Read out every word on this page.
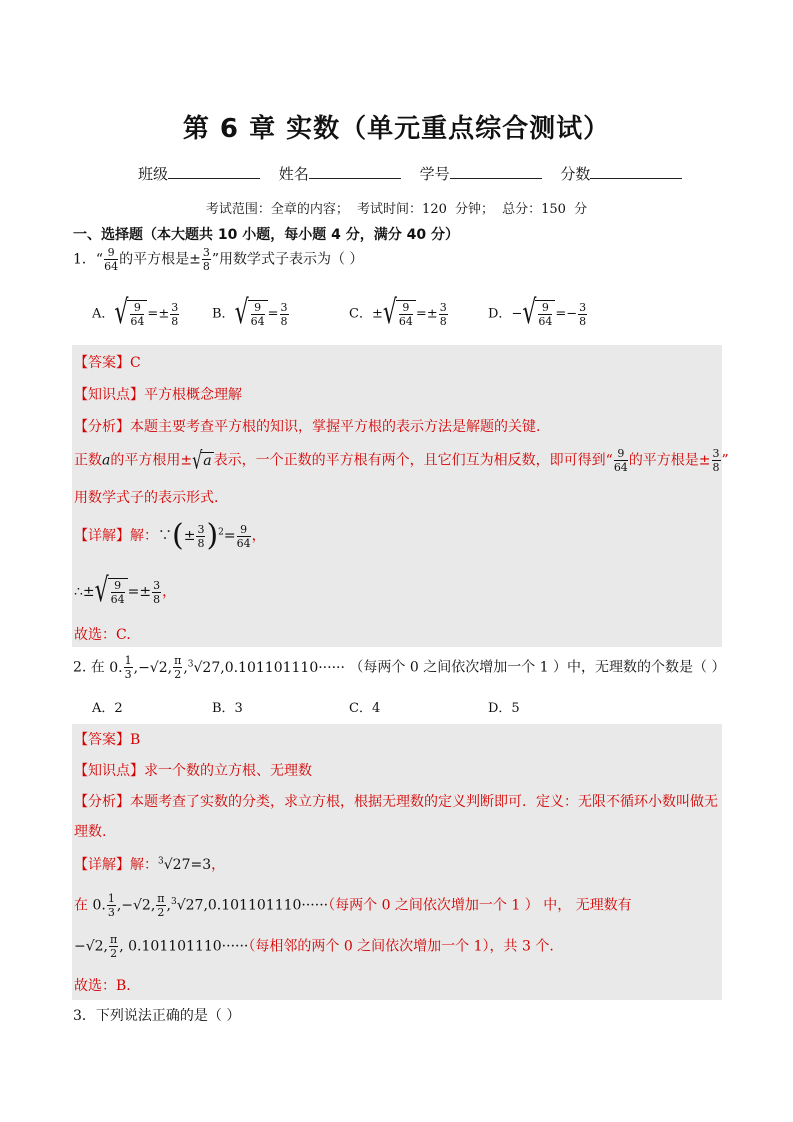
第 6 章 实数（单元重点综合测试）
班级	姓名	学号	分数
考试范围：全章的内容； 考试时间：120 分钟； 总分：150 分
一、选择题（本大题共 10 小题，每小题 4 分，满分 40 分）
1．“ $\frac{9}{64}$ 的平方根是± $\frac{3}{8}$ ”用数学式子表示为（ ）
A． √ $\frac{9}{64} =\pm \frac{3}{8}$	B． √ $\frac{9}{64} = \frac{3}{8}$	C．± √ $\frac{9}{64} =\pm \frac{3}{8}$	D．− √ $\frac{9}{64} =- \frac{3}{8}$
【答案】C
【知识点】平方根概念理解
【分析】本题主要考查平方根的知识，掌握平方根的表示方法是解题的关键.
正数a的平方根用± √ a 表示，一个正数的平方根有两个，且它们互为相反数，即可得到“ $\frac{9}{64}$ 的平方根是± $\frac{3}{8}$ ”
用数学式子的表示形式.
【详解】解：∵(± $\frac{3}{8} )^2= \frac{9}{64}$ ，
∴± √ $\frac{9}{64} =\pm \frac{3}{8}$ ，
故选：C.
2. 在 0. $\frac{1}{3} ,-√2$, $\frac{\pi}{2} ,^3√27,0.101101110\cdot\cdot\cdot\cdot\cdot\cdot$ （每两个 0 之间依次增加一个 1 ）中，无理数的个数是（ ）
A．2	B．3	C．4	D．5
【答案】B
【知识点】求一个数的立方根、无理数
【分析】本题考查了实数的分类，求立方根，根据无理数的定义判断即可．定义：无限不循环小数叫做无
理数.
【详解】解：$^3$√27=3，
在 0. $\frac{1}{3} ,-√2$, $\frac{\pi}{2} ,^3√27,0.101101110\cdot\cdot\cdot\cdot\cdot\cdot$（每两个 0 之间依次增加一个 1 ） 中， 无理数有
−√2, $\frac{\pi}{2}$ , 0.101101110······（每相邻的两个 0 之间依次增加一个 1），共 3 个.
故选：B.
3．下列说法正确的是（ ）
